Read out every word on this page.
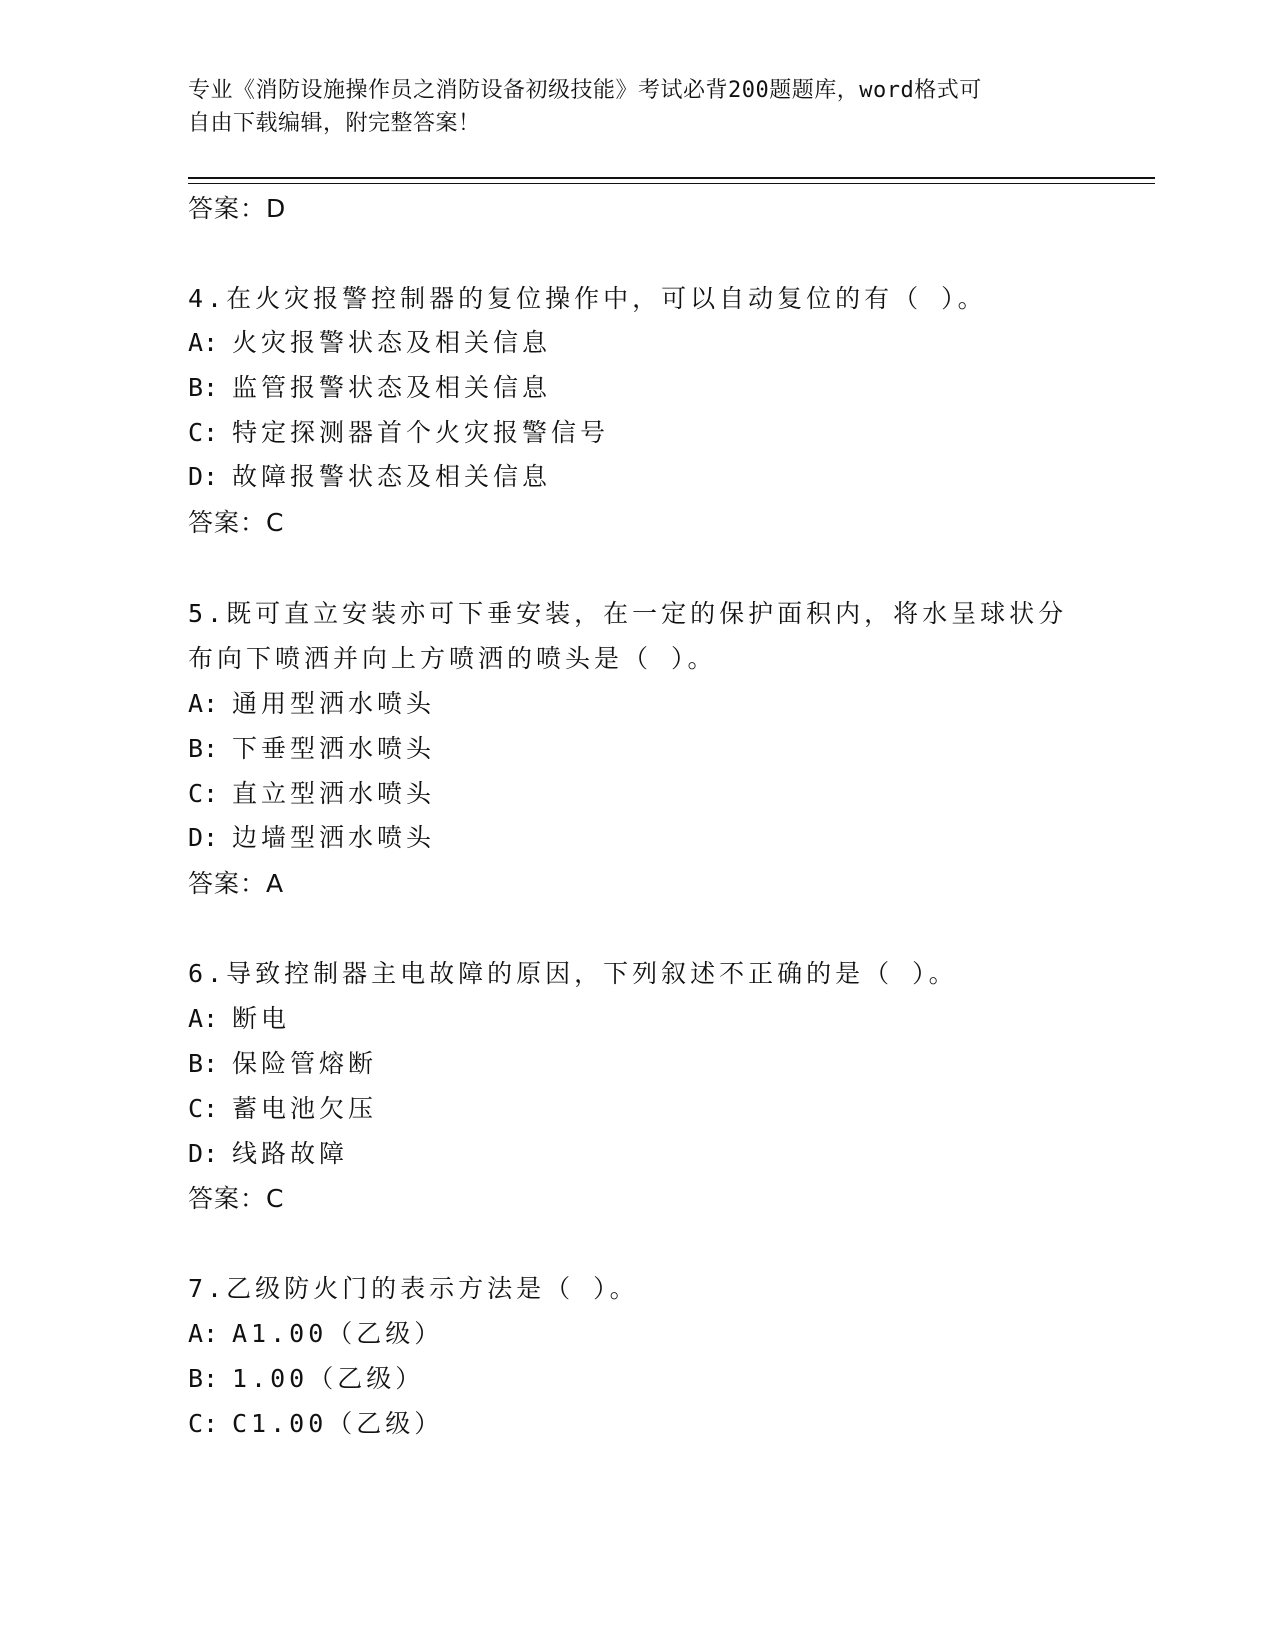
专业《消防设施操作员之消防设备初级技能》考试必背200题题库，word格式可
自由下载编辑，附完整答案！
答案：D
4.在火灾报警控制器的复位操作中，可以自动复位的有（ ）。
A: 火灾报警状态及相关信息
B: 监管报警状态及相关信息
C: 特定探测器首个火灾报警信号
D: 故障报警状态及相关信息
答案：C
5.既可直立安装亦可下垂安装，在一定的保护面积内，将水呈球状分
布向下喷洒并向上方喷洒的喷头是（ ）。
A: 通用型洒水喷头
B: 下垂型洒水喷头
C: 直立型洒水喷头
D: 边墙型洒水喷头
答案：A
6.导致控制器主电故障的原因，下列叙述不正确的是（ ）。
A: 断电
B: 保险管熔断
C: 蓄电池欠压
D: 线路故障
答案：C
7.乙级防火门的表示方法是（ ）。
A: A1.00（乙级）
B: 1.00（乙级）
C: C1.00（乙级）
